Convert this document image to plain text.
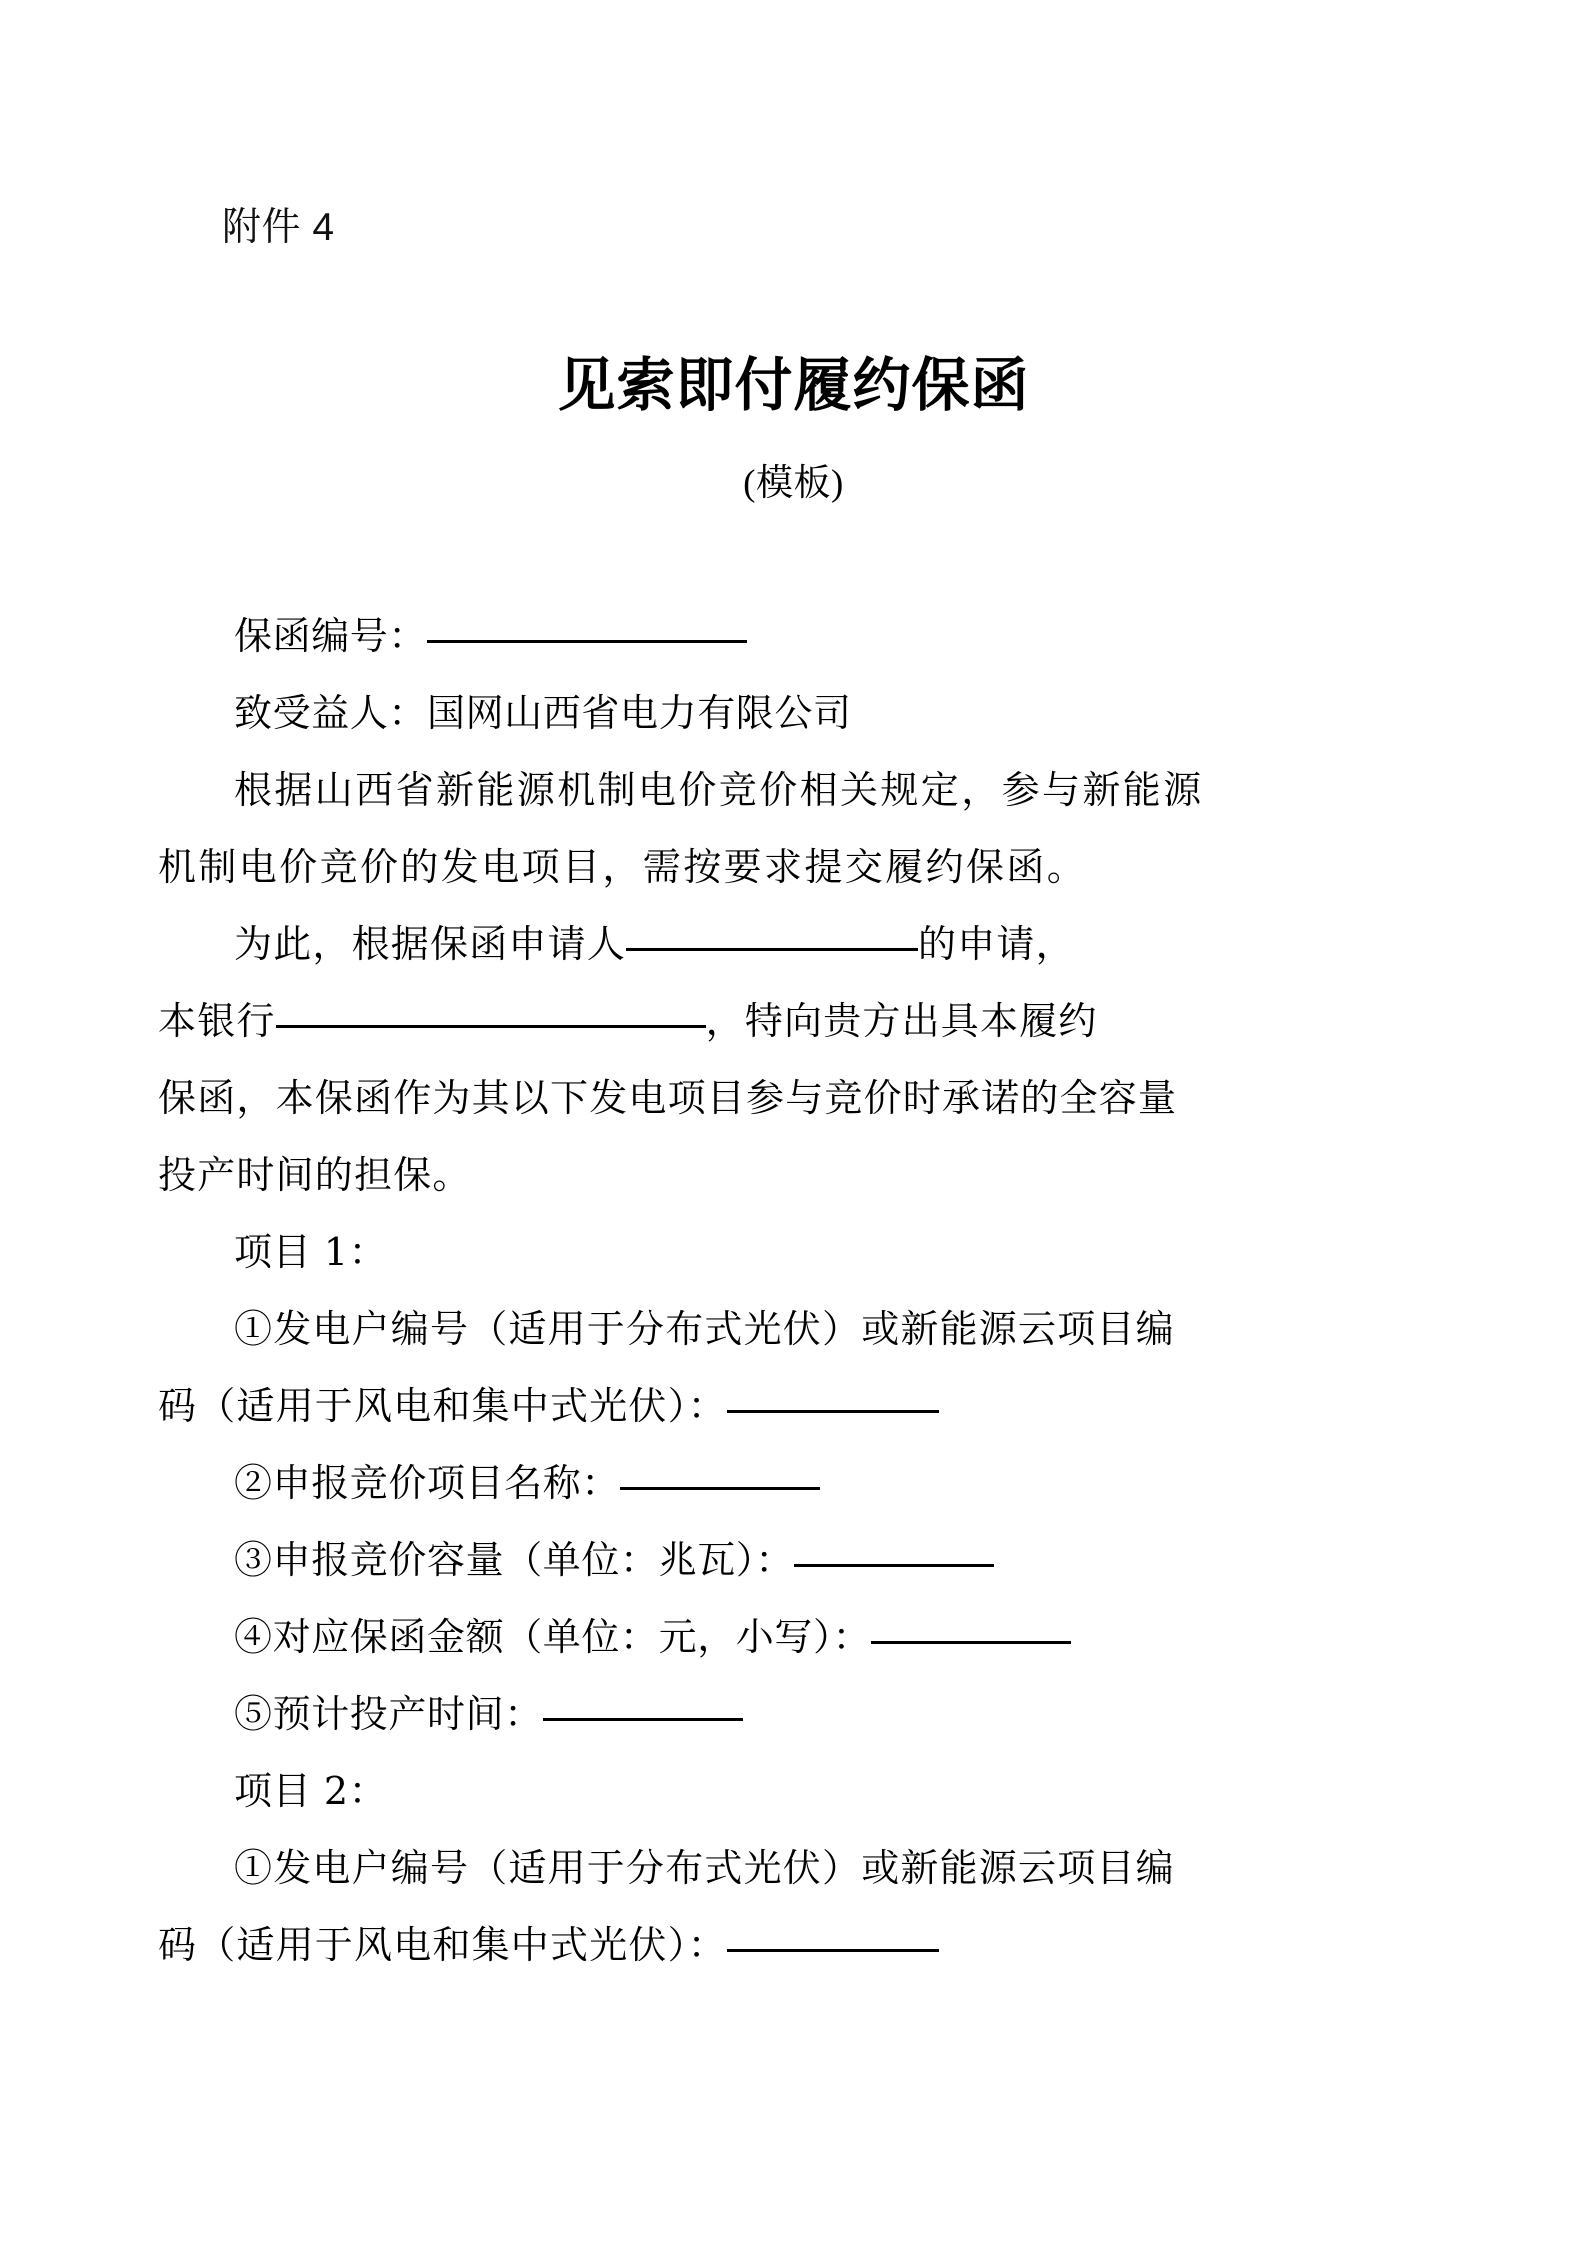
附件 4
见索即付履约保函
(模板)
保函编号：
致受益人：国网山西省电力有限公司
根据山西省新能源机制电价竞价相关规定，参与新能源
机制电价竞价的发电项目，需按要求提交履约保函。
为此，根据保函申请人	的申请，
本银行	，特向贵方出具本履约
保函，本保函作为其以下发电项目参与竞价时承诺的全容量
投产时间的担保。
项目 1：
①发电户编号（适用于分布式光伏）或新能源云项目编
码（适用于风电和集中式光伏）：
②申报竞价项目名称：
③申报竞价容量（单位：兆瓦）：
④对应保函金额（单位：元，小写）：
⑤预计投产时间：
项目 2：
①发电户编号（适用于分布式光伏）或新能源云项目编
码（适用于风电和集中式光伏）：
